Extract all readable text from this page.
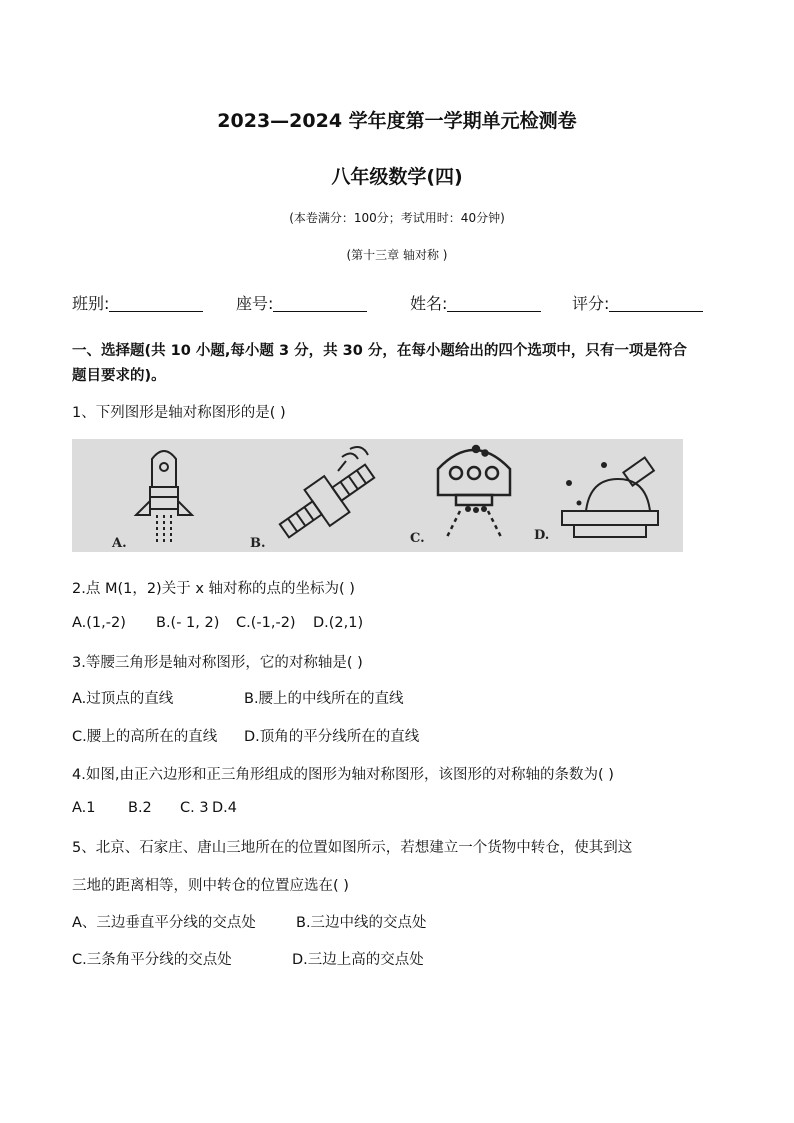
2023—2024 学年度第一学期单元检测卷
八年级数学(四)
(本卷满分：100分；考试用时：40分钟)
(第十三章 轴对称 )
班别:	座号:	姓名:	评分:
一、选择题(共 10 小题,每小题 3 分，共 30 分，在每小题给出的四个选项中，只有一项是符合
题目要求的)。
1、下列图形是轴对称图形的是( )
A.	B.	C.	D.
2.点 M(1，2)关于 x 轴对称的点的坐标为( )
A.(1,-2) B.(- 1, 2) C.(-1,-2) D.(2,1)
3.等腰三角形是轴对称图形，它的对称轴是( )
A.过顶点的直线	B.腰上的中线所在的直线
C.腰上的高所在的直线 D.顶角的平分线所在的直线
4.如图,由正六边形和正三角形组成的图形为轴对称图形，该图形的对称轴的条数为( )
A.1 B.2 C. 3 D.4
5、北京、石家庄、唐山三地所在的位置如图所示，若想建立一个货物中转仓，使其到这
三地的距离相等，则中转仓的位置应选在( )
A、三边垂直平分线的交点处	B.三边中线的交点处
C.三条角平分线的交点处	D.三边上高的交点处
